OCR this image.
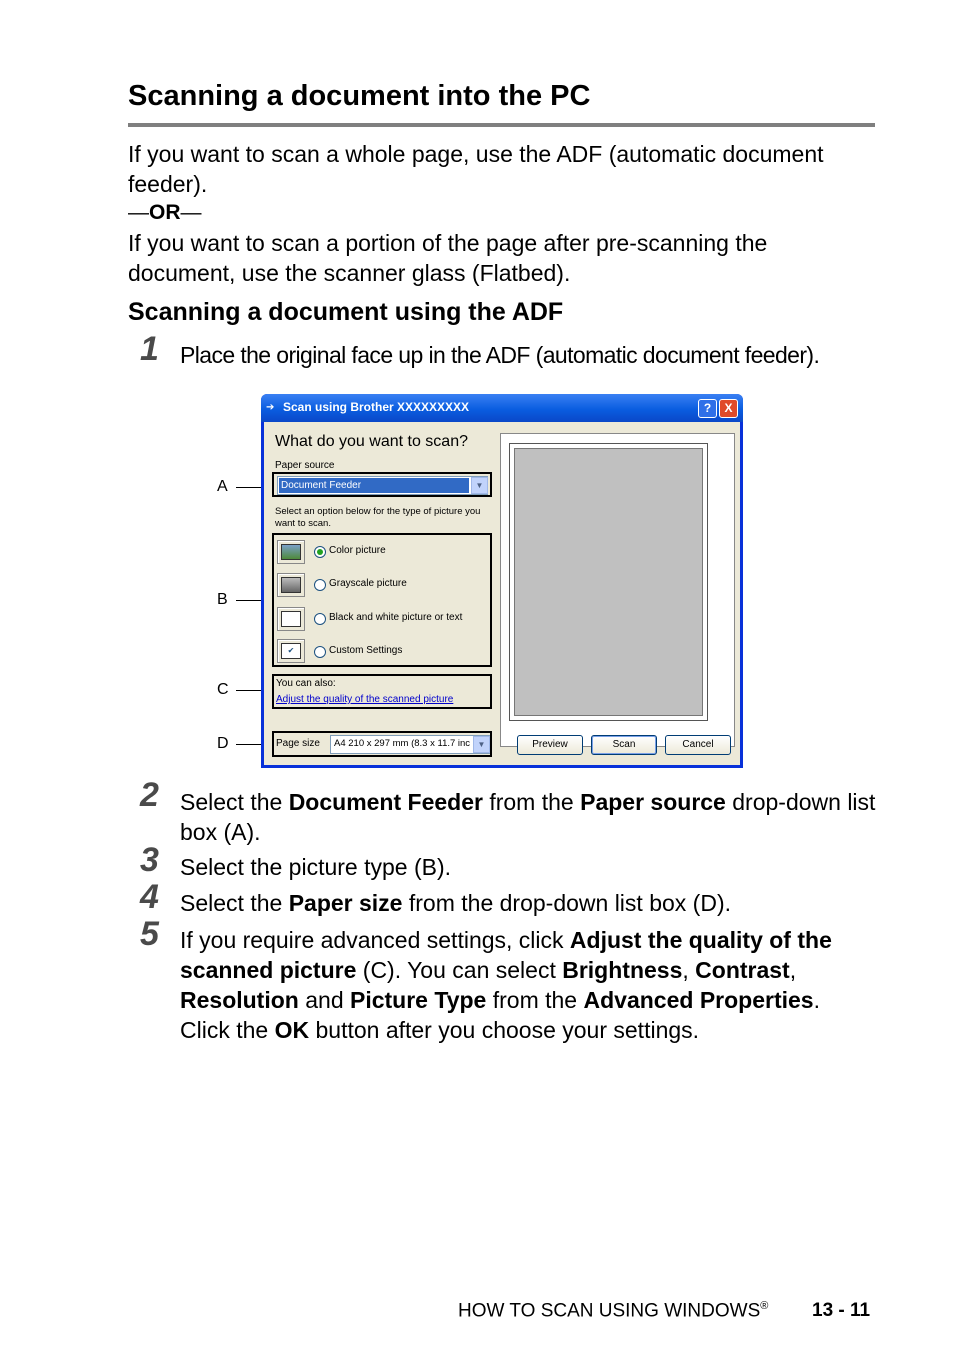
Scanning a document into the PC
If you want to scan a whole page, use the ADF (automatic document feeder).
—OR—
If you want to scan a portion of the page after pre-scanning the document, use the scanner glass (Flatbed).
Scanning a document using the ADF
1 Place the original face up in the ADF (automatic document feeder).
A
B
C
D
➔ Scan using Brother XXXXXXXXX	?	X
What do you want to scan?
Paper source
Document Feeder	▼
Select an option below for the type of picture you want to scan.
Color picture
Grayscale picture
Black and white picture or text
✔	Custom Settings
You can also:
Adjust the quality of the scanned picture
Page size A4 210 x 297 mm (8.3 x 11.7 inc ▼	Preview	Scan	Cancel
2 Select the Document Feeder from the Paper source drop-down list box (A).
3 Select the picture type (B).
4 Select the Paper size from the drop-down list box (D).
5 If you require advanced settings, click Adjust the quality of the scanned picture (C). You can select Brightness, Contrast, Resolution and Picture Type from the Advanced Properties. Click the OK button after you choose your settings.
HOW TO SCAN USING WINDOWS® 13 - 11
